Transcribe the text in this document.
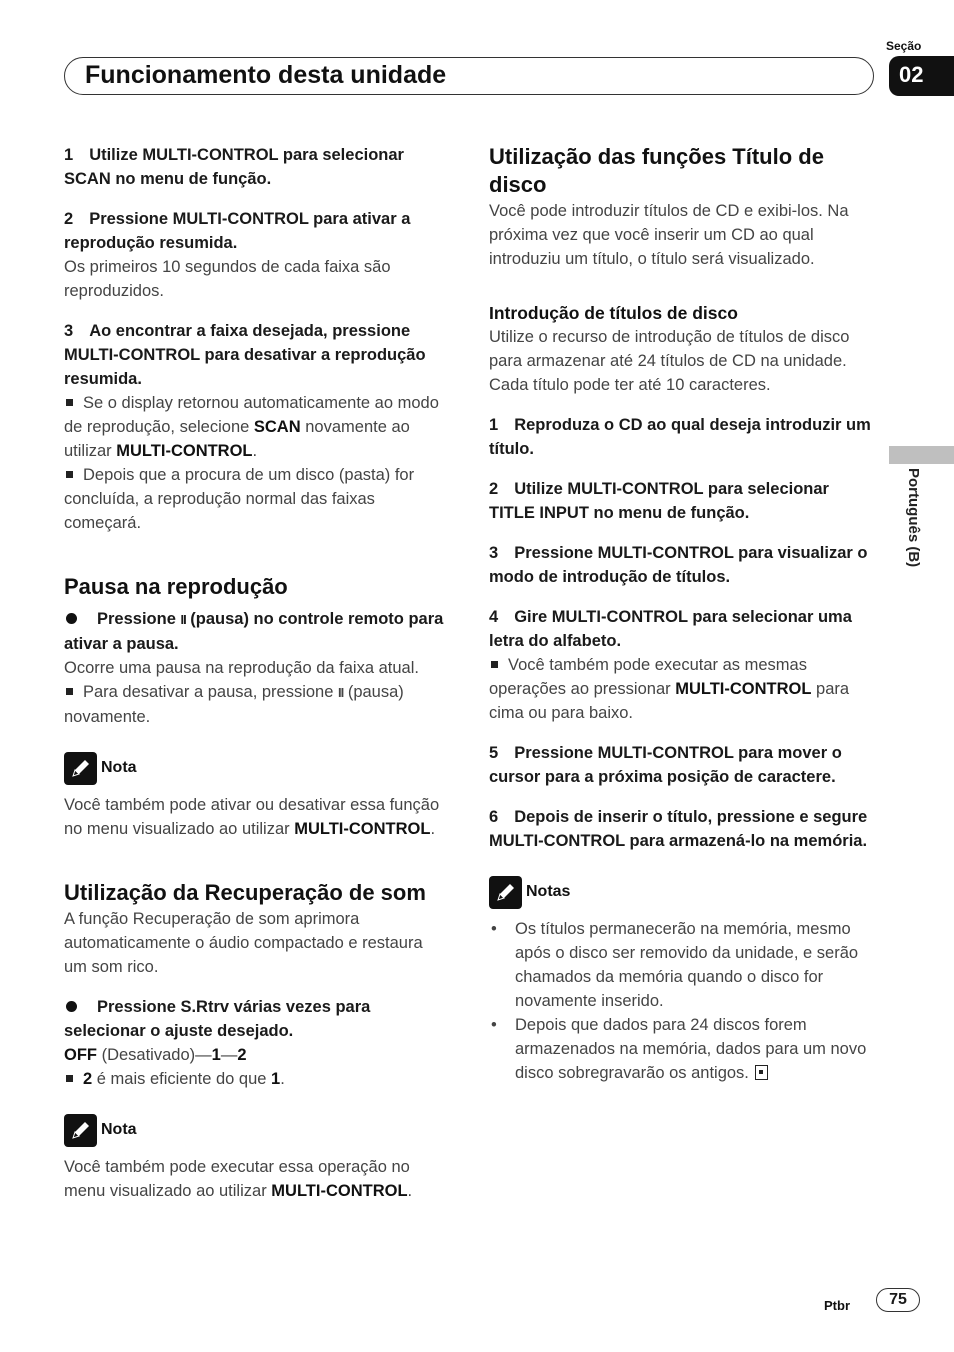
Funcionamento desta unidade
Seção
02
Português (B)

1 Utilize MULTI-CONTROL para selecionar SCAN no menu de função.

2 Pressione MULTI-CONTROL para ativar a reprodução resumida.

Os primeiros 10 segundos de cada faixa são reproduzidos.

3 Ao encontrar a faixa desejada, pressione MULTI-CONTROL para desativar a reprodução resumida.

Se o display retornou automaticamente ao modo de reprodução, selecione SCAN novamente ao utilizar MULTI-CONTROL.

Depois que a procura de um disco (pasta) for concluída, a reprodução normal das faixas começará.

Pausa na reprodução

Pressione II (pausa) no controle remoto para ativar a pausa.

Ocorre uma pausa na reprodução da faixa atual.

Para desativar a pausa, pressione II (pausa) novamente.

Nota

Você também pode ativar ou desativar essa função no menu visualizado ao utilizar MULTI-CONTROL.

Utilização da Recuperação de som

A função Recuperação de som aprimora automaticamente o áudio compactado e restaura um som rico.

Pressione S.Rtrv várias vezes para selecionar o ajuste desejado.

OFF (Desativado)—1—2

2 é mais eficiente do que 1.

Nota

Você também pode executar essa operação no menu visualizado ao utilizar MULTI-CONTROL.

Utilização das funções Título de disco

Você pode introduzir títulos de CD e exibi-los. Na próxima vez que você inserir um CD ao qual introduziu um título, o título será visualizado.

Introdução de títulos de disco

Utilize o recurso de introdução de títulos de disco para armazenar até 24 títulos de CD na unidade. Cada título pode ter até 10 caracteres.

1 Reproduza o CD ao qual deseja introduzir um título.

2 Utilize MULTI-CONTROL para selecionar TITLE INPUT no menu de função.

3 Pressione MULTI-CONTROL para visualizar o modo de introdução de títulos.

4 Gire MULTI-CONTROL para selecionar uma letra do alfabeto.

Você também pode executar as mesmas operações ao pressionar MULTI-CONTROL para cima ou para baixo.

5 Pressione MULTI-CONTROL para mover o cursor para a próxima posição de caractere.

6 Depois de inserir o título, pressione e segure MULTI-CONTROL para armazená-lo na memória.

Notas
• Os títulos permanecerão na memória, mesmo após o disco ser removido da unidade, e serão chamados da memória quando o disco for novamente inserido.
• Depois que dados para 24 discos forem armazenados na memória, dados para um novo disco sobregravarão os antigos.
Ptbr	75
